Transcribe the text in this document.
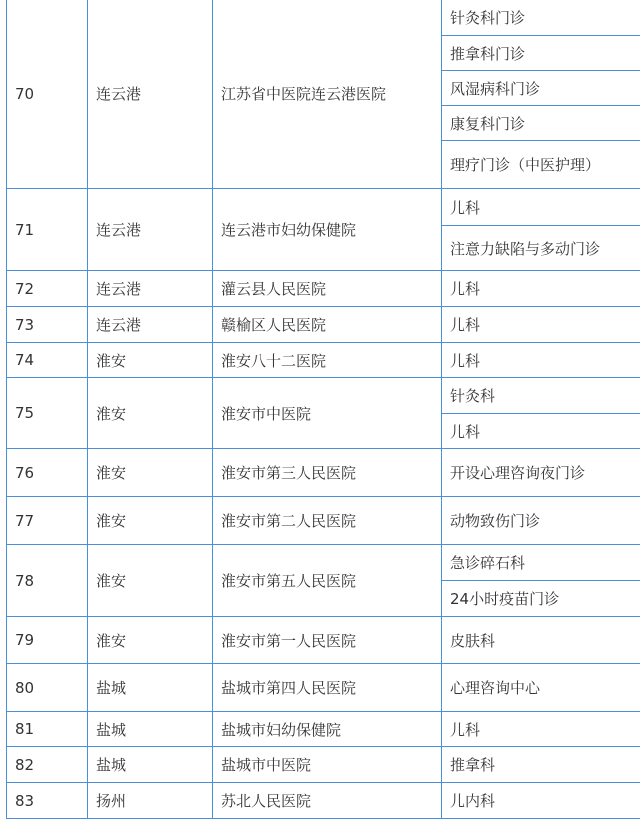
70	连云港	江苏省中医院连云港医院	针灸科门诊
			推拿科门诊
			风湿病科门诊
			康复科门诊
			理疗门诊（中医护理）
71	连云港	连云港市妇幼保健院	儿科
			注意力缺陷与多动门诊
72	连云港	灌云县人民医院	儿科
73	连云港	赣榆区人民医院	儿科
74	淮安	淮安八十二医院	儿科
75	淮安	淮安市中医院	针灸科
			儿科
76	淮安	淮安市第三人民医院	开设心理咨询夜门诊
77	淮安	淮安市第二人民医院	动物致伤门诊
78	淮安	淮安市第五人民医院	急诊碎石科
			24小时疫苗门诊
79	淮安	淮安市第一人民医院	皮肤科
80	盐城	盐城市第四人民医院	心理咨询中心
81	盐城	盐城市妇幼保健院	儿科
82	盐城	盐城市中医院	推拿科
83	扬州	苏北人民医院	儿内科
